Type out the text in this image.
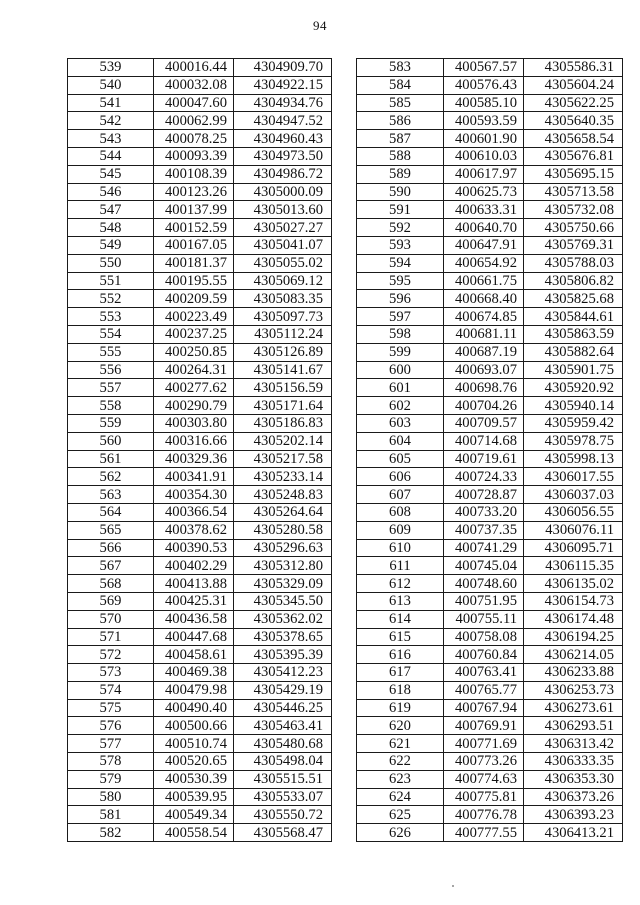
94
539	400016.44	4304909.70
540	400032.08	4304922.15
541	400047.60	4304934.76
542	400062.99	4304947.52
543	400078.25	4304960.43
544	400093.39	4304973.50
545	400108.39	4304986.72
546	400123.26	4305000.09
547	400137.99	4305013.60
548	400152.59	4305027.27
549	400167.05	4305041.07
550	400181.37	4305055.02
551	400195.55	4305069.12
552	400209.59	4305083.35
553	400223.49	4305097.73
554	400237.25	4305112.24
555	400250.85	4305126.89
556	400264.31	4305141.67
557	400277.62	4305156.59
558	400290.79	4305171.64
559	400303.80	4305186.83
560	400316.66	4305202.14
561	400329.36	4305217.58
562	400341.91	4305233.14
563	400354.30	4305248.83
564	400366.54	4305264.64
565	400378.62	4305280.58
566	400390.53	4305296.63
567	400402.29	4305312.80
568	400413.88	4305329.09
569	400425.31	4305345.50
570	400436.58	4305362.02
571	400447.68	4305378.65
572	400458.61	4305395.39
573	400469.38	4305412.23
574	400479.98	4305429.19
575	400490.40	4305446.25
576	400500.66	4305463.41
577	400510.74	4305480.68
578	400520.65	4305498.04
579	400530.39	4305515.51
580	400539.95	4305533.07
581	400549.34	4305550.72
582	400558.54	4305568.47
583	400567.57	4305586.31
584	400576.43	4305604.24
585	400585.10	4305622.25
586	400593.59	4305640.35
587	400601.90	4305658.54
588	400610.03	4305676.81
589	400617.97	4305695.15
590	400625.73	4305713.58
591	400633.31	4305732.08
592	400640.70	4305750.66
593	400647.91	4305769.31
594	400654.92	4305788.03
595	400661.75	4305806.82
596	400668.40	4305825.68
597	400674.85	4305844.61
598	400681.11	4305863.59
599	400687.19	4305882.64
600	400693.07	4305901.75
601	400698.76	4305920.92
602	400704.26	4305940.14
603	400709.57	4305959.42
604	400714.68	4305978.75
605	400719.61	4305998.13
606	400724.33	4306017.55
607	400728.87	4306037.03
608	400733.20	4306056.55
609	400737.35	4306076.11
610	400741.29	4306095.71
611	400745.04	4306115.35
612	400748.60	4306135.02
613	400751.95	4306154.73
614	400755.11	4306174.48
615	400758.08	4306194.25
616	400760.84	4306214.05
617	400763.41	4306233.88
618	400765.77	4306253.73
619	400767.94	4306273.61
620	400769.91	4306293.51
621	400771.69	4306313.42
622	400773.26	4306333.35
623	400774.63	4306353.30
624	400775.81	4306373.26
625	400776.78	4306393.23
626	400777.55	4306413.21
